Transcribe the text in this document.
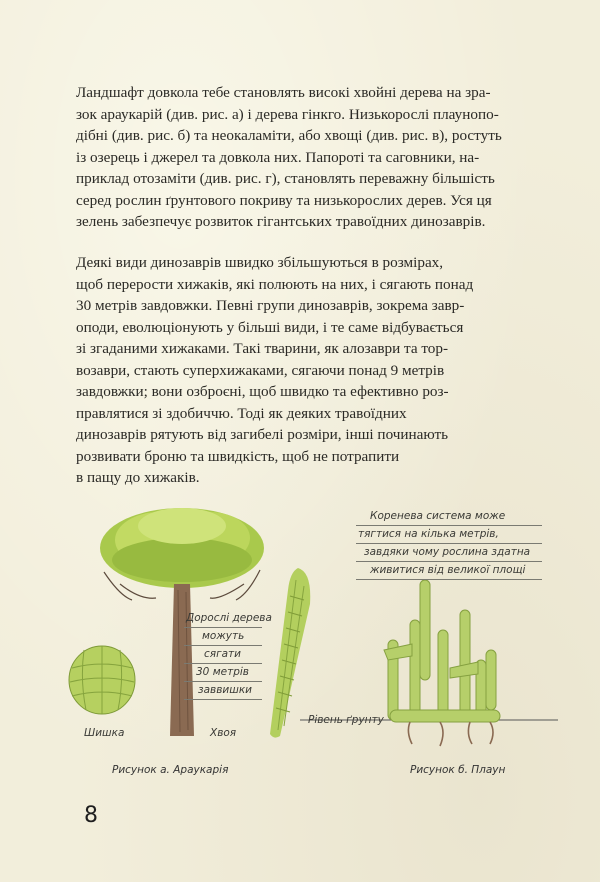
Ландшафт довкола тебе становлять високі хвойні дерева на зра-
зок араукарій (див. рис. а) і дерева гінкго. Низькорослі плаунопо-
дібні (див. рис. б) та неокаламіти, або хвощі (див. рис. в), ростуть
із озерець і джерел та довкола них. Папороті та саговники, на-
приклад отозаміти (див. рис. г), становлять переважну більшість
серед рослин ґрунтового покриву та низькорослих дерев. Уся ця
зелень забезпечує розвиток гігантських травоїдних динозаврів.

Деякі види динозаврів швидко збільшуються в розмірах,
щоб перерости хижаків, які полюють на них, і сягають понад
30 метрів завдовжки. Певні групи динозаврів, зокрема завр-
оподи, еволюціонують у більші види, і те саме відбувається
зі згаданими хижаками. Такі тварини, як алозаври та тор-
возаври, стають суперхижаками, сягаючи понад 9 метрів
завдовжки; вони озброєні, щоб швидко та ефективно роз-
правлятися зі здобиччю. Тоді як деяких травоїдних
динозаврів рятують від загибелі розміри, інші починають
розвивати броню та швидкість, щоб не потрапити
в пащу до хижаків.

Дорослі дерева
можуть
сягати
30 метрів
заввишки
Шишка	Хвоя
Рисунок а. Араукарія
Коренева система може
тягтися на кілька метрів,
завдяки чому рослина здатна
живитися від великої площі
Рівень ґрунту
Рисунок б. Плаун
8
